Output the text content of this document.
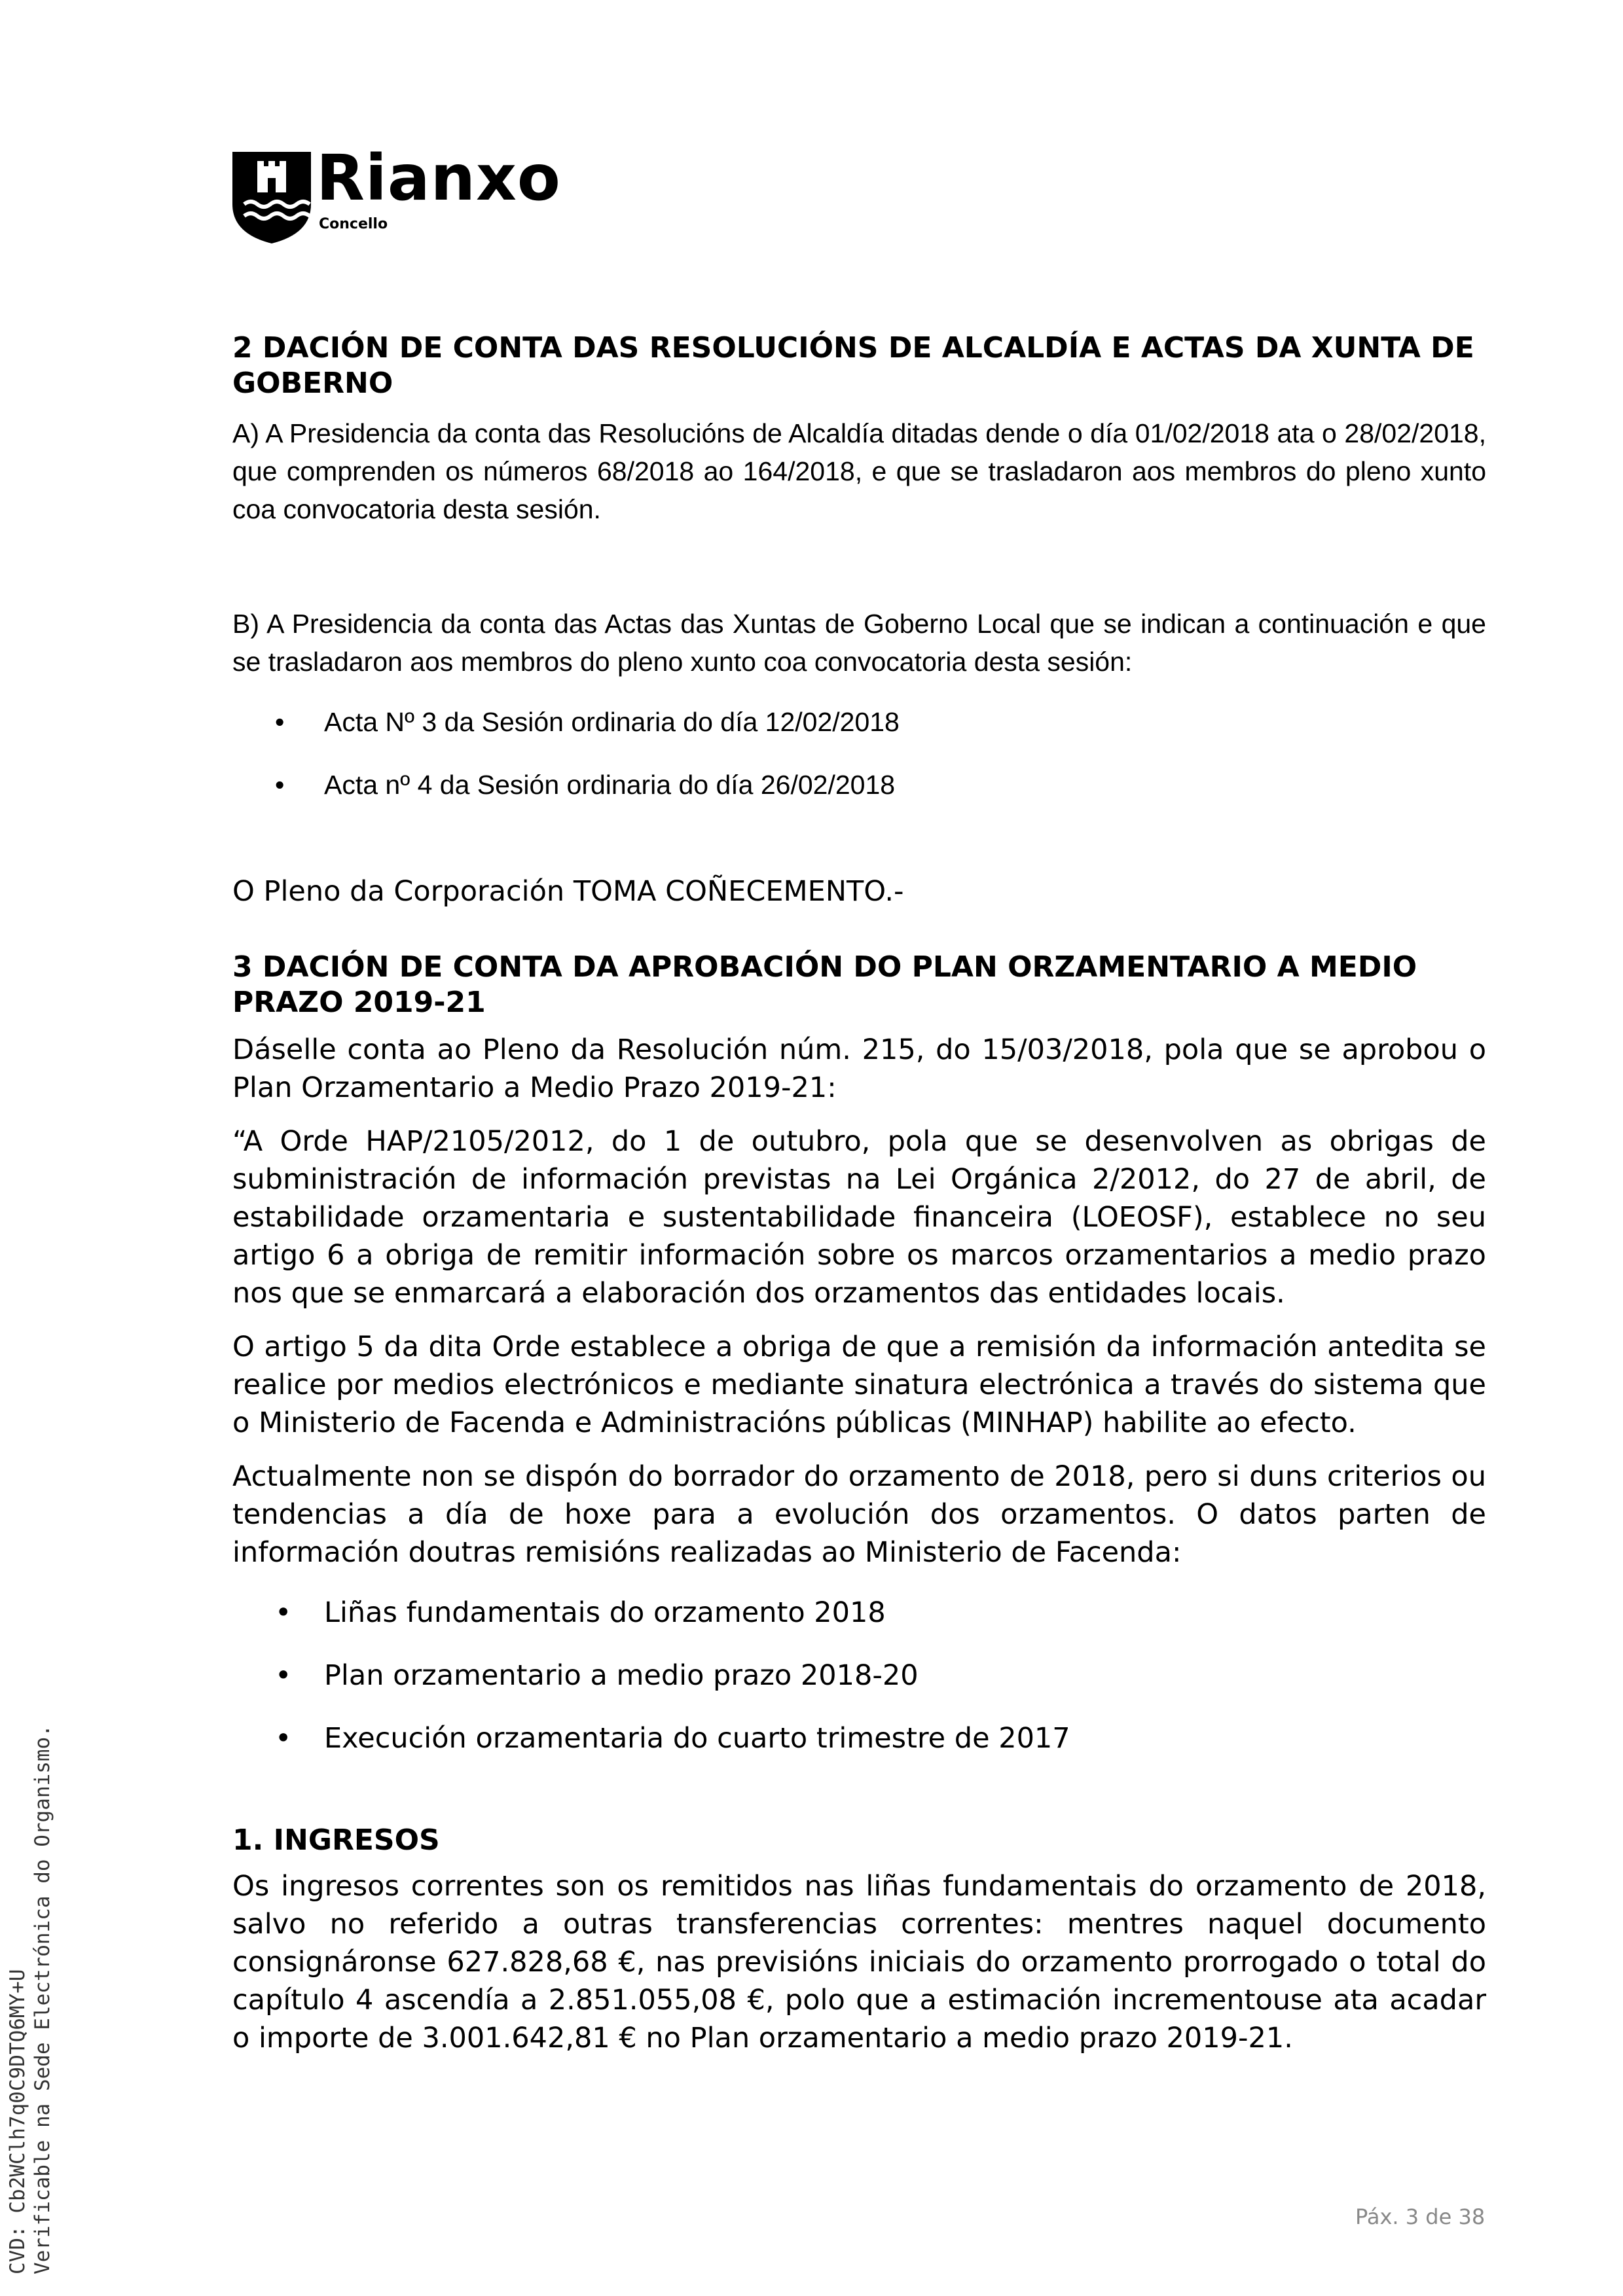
Rianxo
Concello
2 DACIÓN DE CONTA DAS RESOLUCIÓNS DE ALCALDÍA E ACTAS DA XUNTA DE GOBERNO

A) A Presidencia da conta das Resolucións de Alcaldía ditadas dende o día 01/02/2018 ata o 28/02/2018, que comprenden os números 68/2018 ao 164/2018, e que se trasladaron aos membros do pleno xunto coa convocatoria desta sesión.

B) A Presidencia da conta das Actas das Xuntas de Goberno Local que se indican a continuación e que se trasladaron aos membros do pleno xunto coa convocatoria desta sesión:

• Acta Nº 3 da Sesión ordinaria do día 12/02/2018
• Acta nº 4 da Sesión ordinaria do día 26/02/2018

O Pleno da Corporación TOMA COÑECEMENTO.-

3 DACIÓN DE CONTA DA APROBACIÓN DO PLAN ORZAMENTARIO A MEDIO PRAZO 2019-21

Dáselle conta ao Pleno da Resolución núm. 215, do 15/03/2018, pola que se aprobou o Plan Orzamentario a Medio Prazo 2019-21:

“A Orde HAP/2105/2012, do 1 de outubro, pola que se desenvolven as obrigas de subministración de información previstas na Lei Orgánica 2/2012, do 27 de abril, de estabilidade orzamentaria e sustentabilidade financeira (LOEOSF), establece no seu artigo 6 a obriga de remitir información sobre os marcos orzamentarios a medio prazo nos que se enmarcará a elaboración dos orzamentos das entidades locais.

O artigo 5 da dita Orde establece a obriga de que a remisión da información antedita se realice por medios electrónicos e mediante sinatura electrónica a través do sistema que o Ministerio de Facenda e Administracións públicas (MINHAP) habilite ao efecto.

Actualmente non se dispón do borrador do orzamento de 2018, pero si duns criterios ou tendencias a día de hoxe para a evolución dos orzamentos. O datos parten de información doutras remisións realizadas ao Ministerio de Facenda:

• Liñas fundamentais do orzamento 2018
• Plan orzamentario a medio prazo 2018-20
• Execución orzamentaria do cuarto trimestre de 2017
1. INGRESOS

Os ingresos correntes son os remitidos nas liñas fundamentais do orzamento de 2018, salvo no referido a outras transferencias correntes: mentres naquel documento consignáronse 627.828,68 €, nas previsións iniciais do orzamento prorrogado o total do capítulo 4 ascendía a 2.851.055,08 €, polo que a estimación incrementouse ata acadar o importe de 3.001.642,81 € no Plan orzamentario a medio prazo 2019-21.

CVD: Cb2WClh7q0C9DTQ6MY+U Verificable na Sede Electrónica do Organismo.	Páx. 3 de 38
